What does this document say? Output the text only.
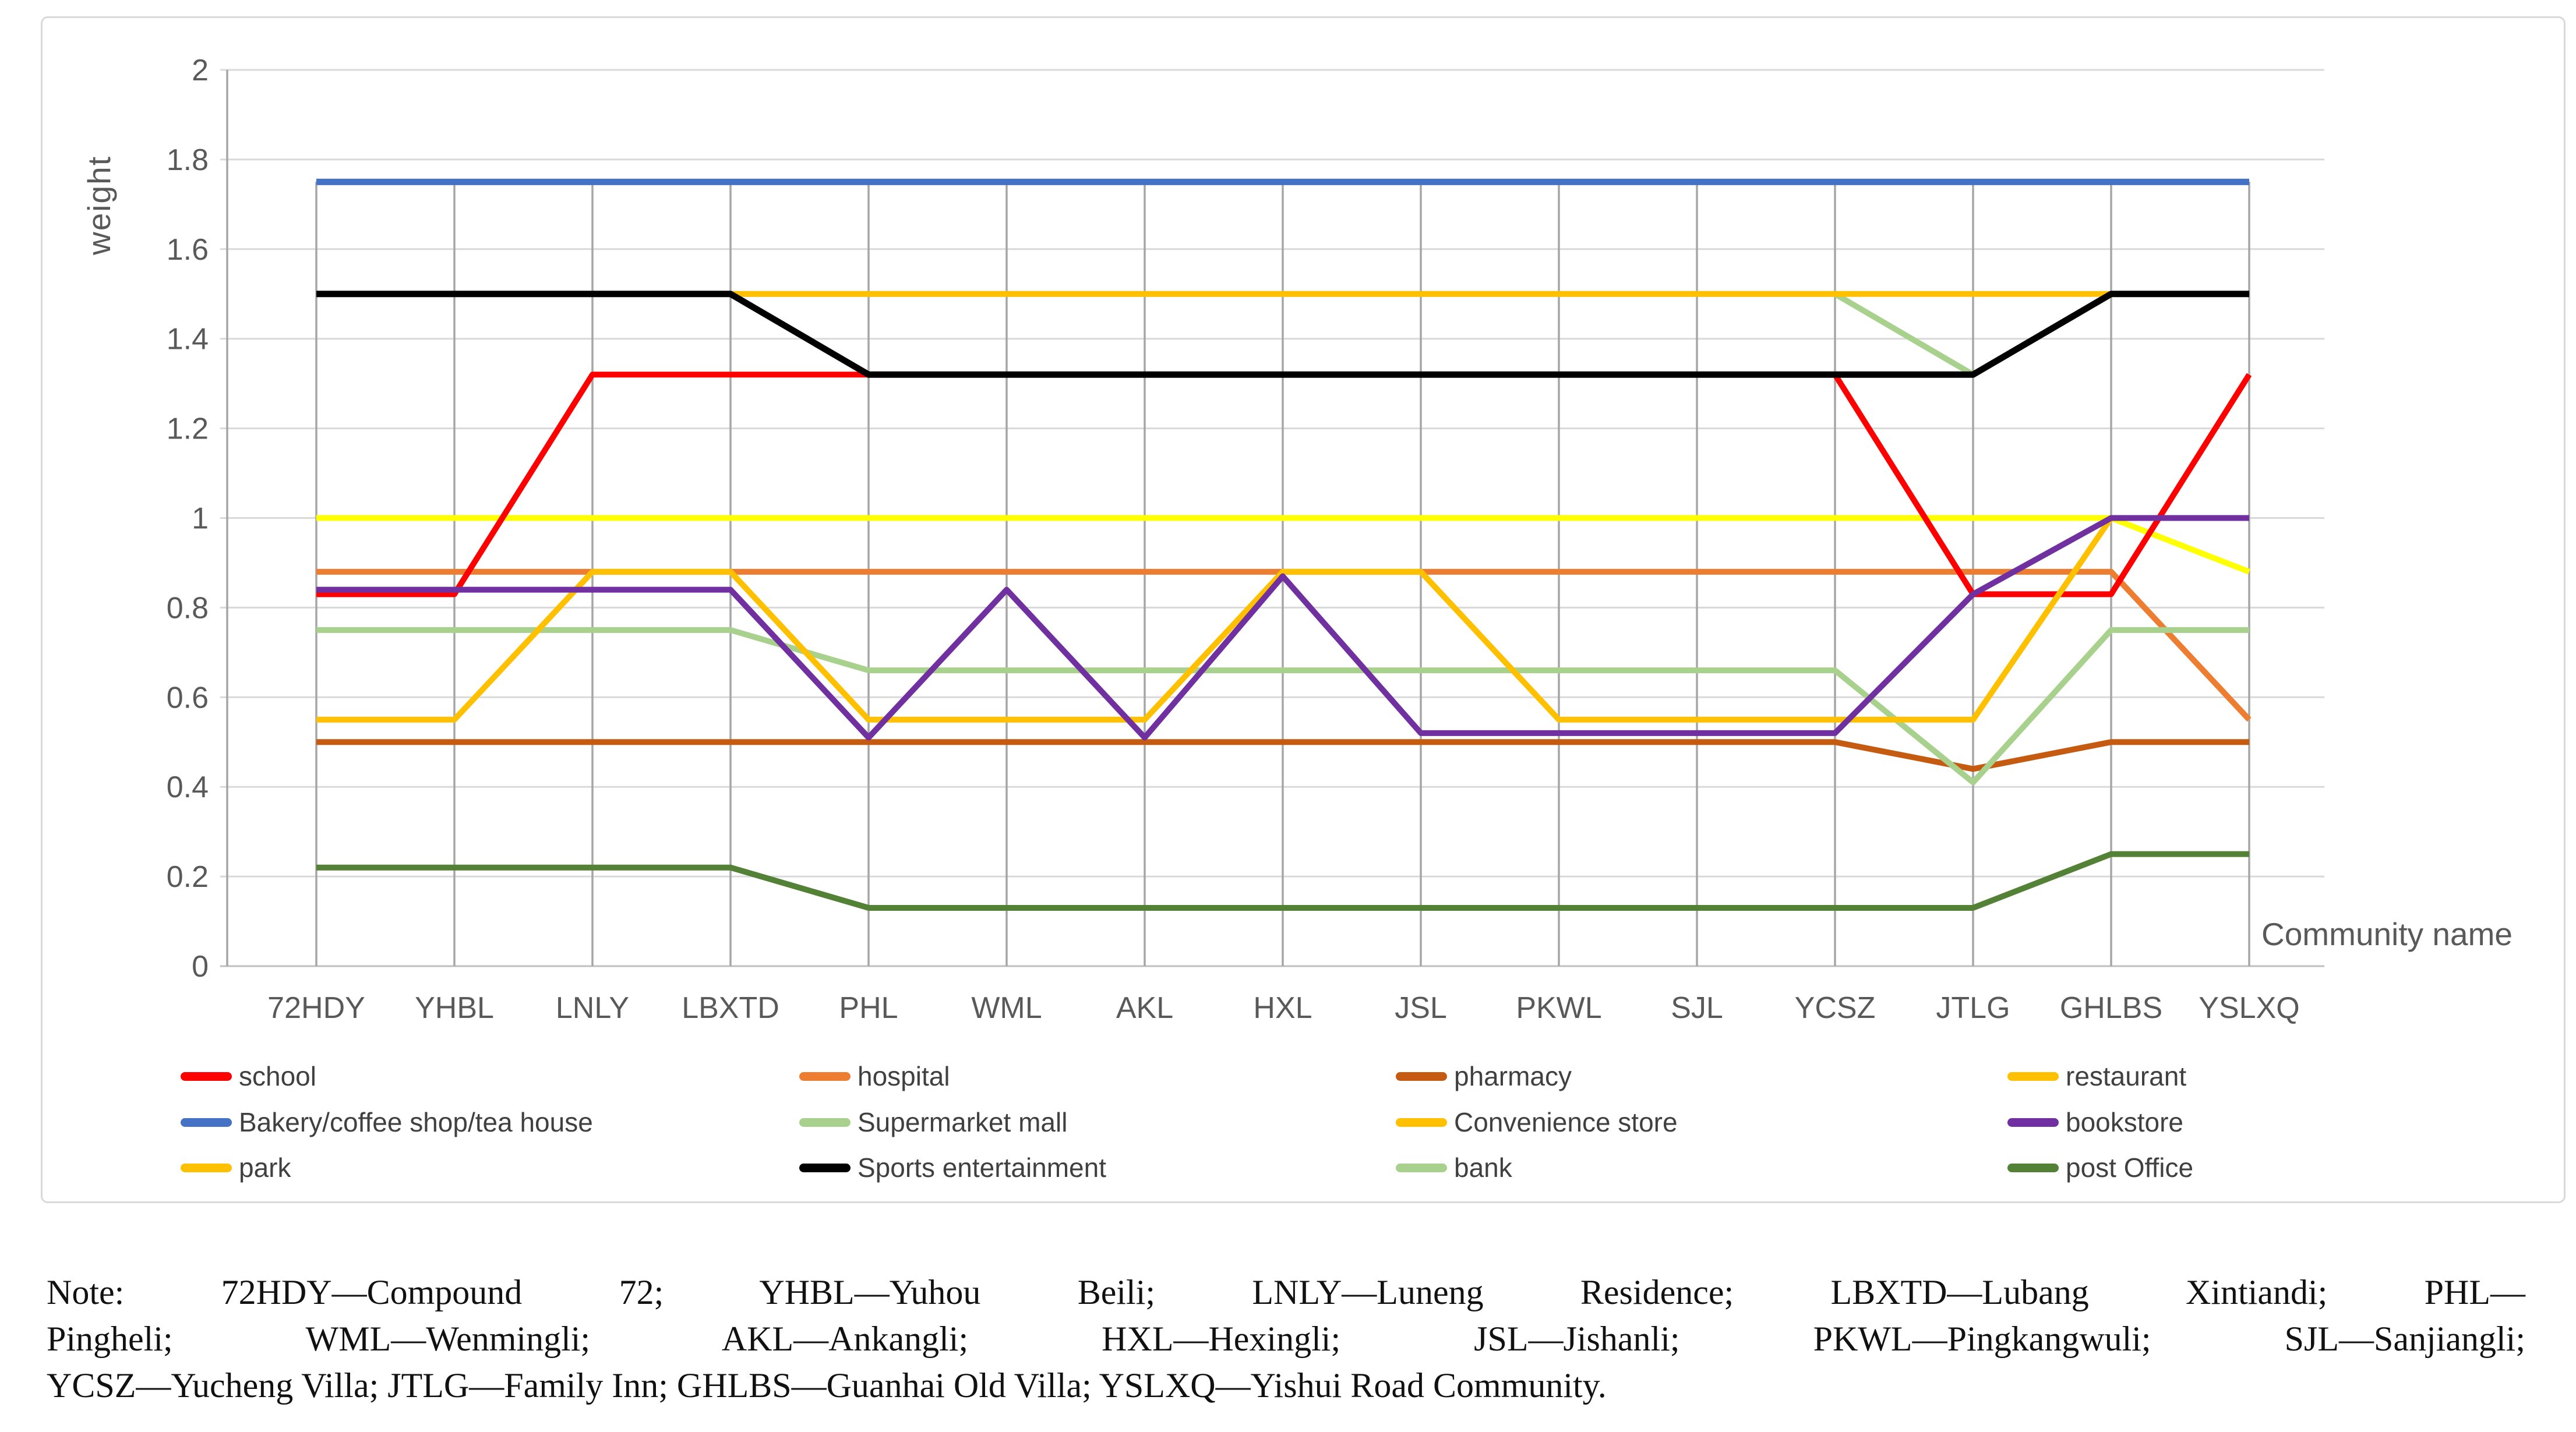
0
0.2
0.4
0.6
0.8
1
1.2
1.4
1.6
1.8
2
72HDY YHBL LNLY LBXTD PHL WML AKL	HXL	JSL PKWL SJL YCSZ JTLG GHLBS YSLXQ
weight
Community name
school	hospital	pharmacy	restaurant
Bakery/coffee shop/tea house	Supermarket mall	Convenience store	bookstore
park	Sports entertainment	bank	post Office
Note: 72HDY—Compound 72; YHBL—Yuhou Beili; LNLY—Luneng Residence; LBXTD—Lubang Xintiandi; PHL—
Pingheli; WML—Wenmingli; AKL—Ankangli; HXL—Hexingli; JSL—Jishanli; PKWL—Pingkangwuli; SJL—Sanjiangli;
YCSZ—Yucheng Villa; JTLG—Family Inn; GHLBS—Guanhai Old Villa; YSLXQ—Yishui Road Community.
